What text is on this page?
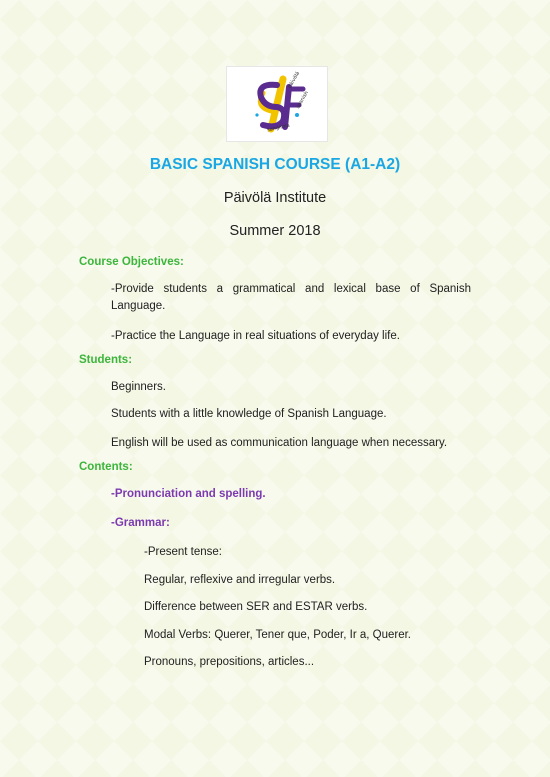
päivölä
spanish
sangirola
BASIC SPANISH COURSE (A1-A2)
Päivölä Institute
Summer 2018
Course Objectives:
-Provide students a grammatical and lexical base of Spanish Language.
-Practice the Language in real situations of everyday life.
Students:
Beginners.
Students with a little knowledge of Spanish Language.
English will be used as communication language when necessary.
Contents:
-Pronunciation and spelling.
-Grammar:
-Present tense:
Regular, reflexive and irregular verbs.
Difference between SER and ESTAR verbs.
Modal Verbs: Querer, Tener que, Poder, Ir a, Querer.
Pronouns, prepositions, articles...
